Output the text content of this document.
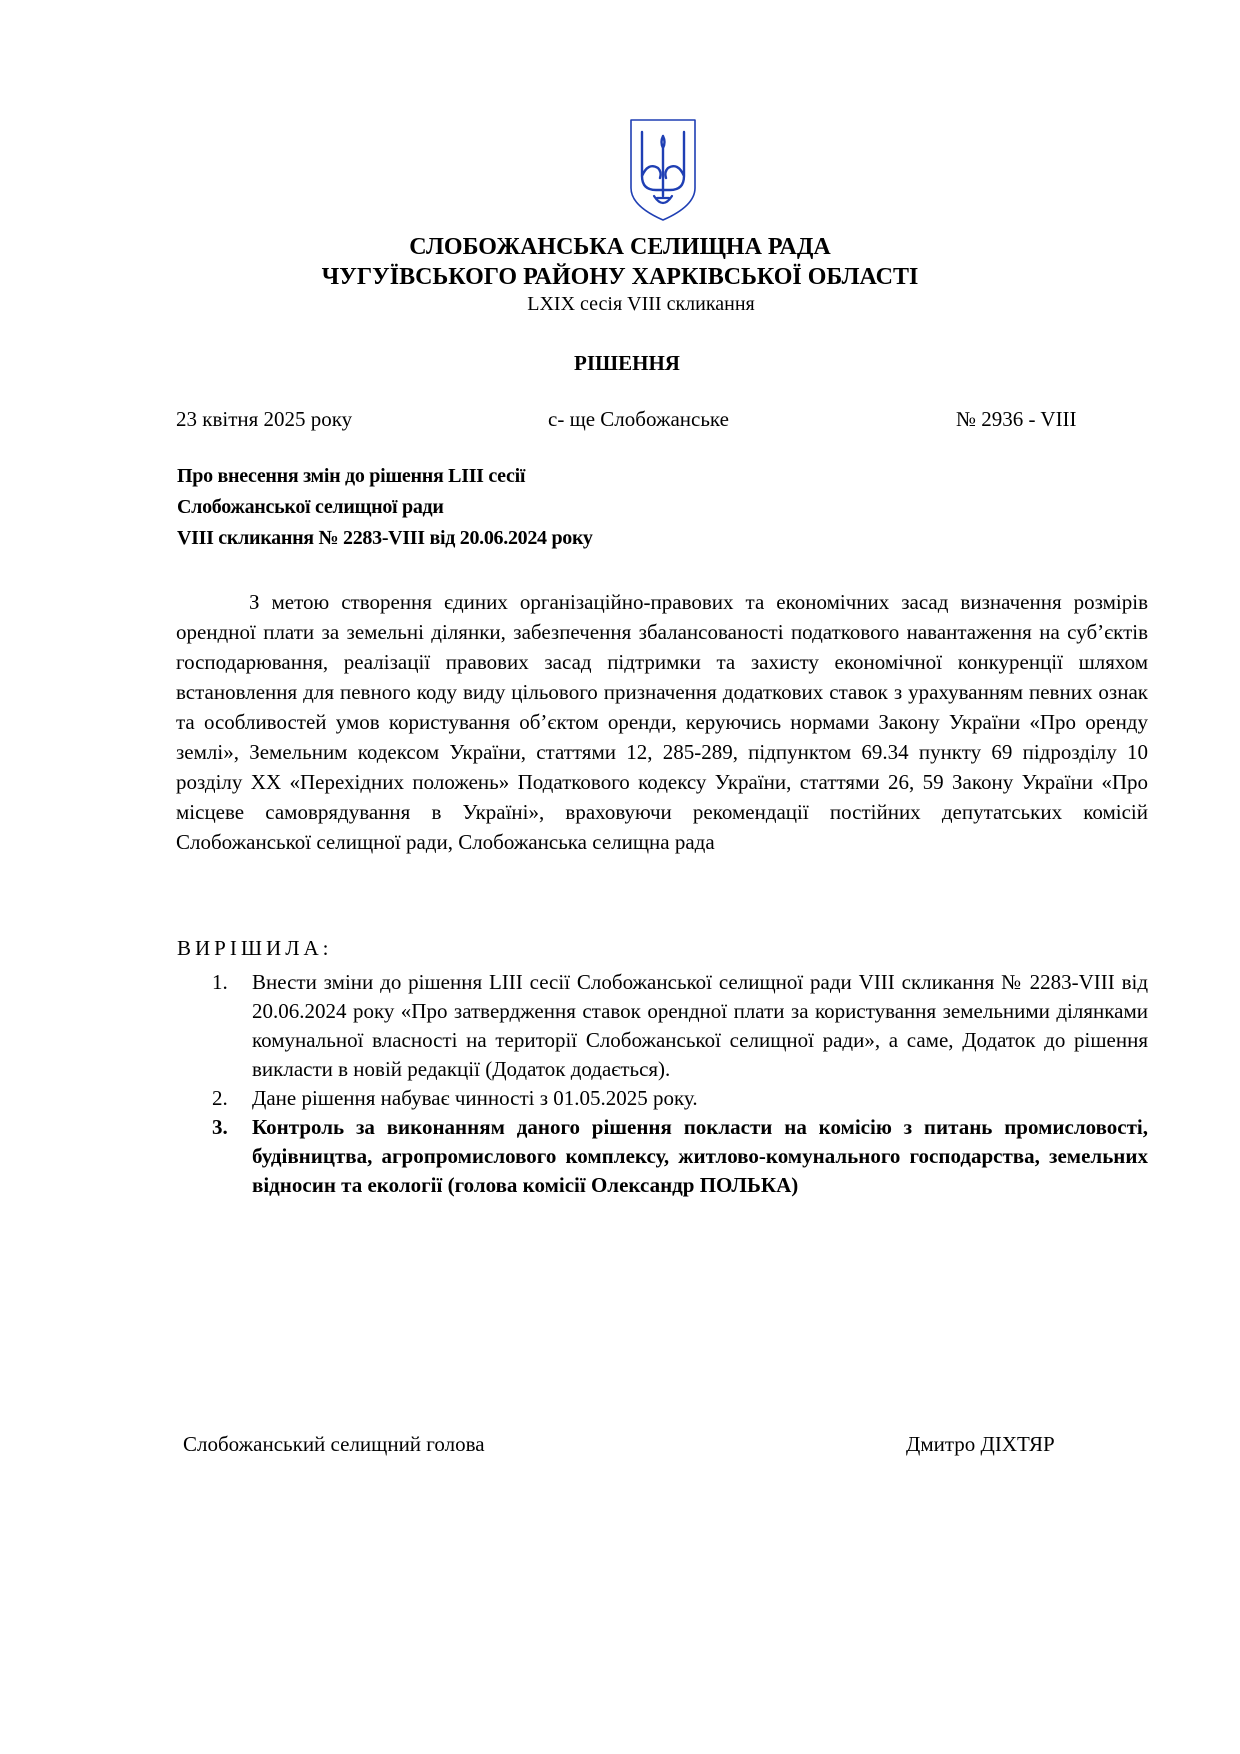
СЛОБОЖАНСЬКА СЕЛИЩНА РАДА
ЧУГУЇВСЬКОГО РАЙОНУ ХАРКІВСЬКОЇ ОБЛАСТІ
LXIX сесія VIII скликання
РІШЕННЯ
23 квітня 2025 року	с- ще Слобожанське	№ 2936 - VIII
Про внесення змін до рішення LIII сесії
Слобожанської селищної ради
VIII скликання № 2283-VIII від 20.06.2024 року

З метою створення єдиних організаційно-правових та економічних засад визначення розмірів орендної плати за земельні ділянки, забезпечення збалансованості податкового навантаження на суб’єктів господарювання, реалізації правових засад підтримки та захисту економічної конкуренції шляхом встановлення для певного коду виду цільового призначення додаткових ставок з урахуванням певних ознак та особливостей умов користування об’єктом оренди, керуючись нормами Закону України «Про оренду землі», Земельним кодексом України, статтями 12, 285-289, підпунктом 69.34 пункту 69 підрозділу 10 розділу ХХ «Перехідних положень» Податкового кодексу України, статтями 26, 59 Закону України «Про місцеве самоврядування в Україні», враховуючи рекомендації постійних депутатських комісій Слобожанської селищної ради, Слобожанська селищна рада

ВИРІШИЛА:
1. Внести зміни до рішення LIII сесії Слобожанської селищної ради VIII скликання № 2283-VIII від 20.06.2024 року «Про затвердження ставок орендної плати за користування земельними ділянками комунальної власності на території Слобожанської селищної ради», а саме, Додаток до рішення викласти в новій редакції (Додаток додається).
2. Дане рішення набуває чинності з 01.05.2025 року.
3. Контроль за виконанням даного рішення покласти на комісію з питань промисловості, будівництва, агропромислового комплексу, житлово-комунального господарства, земельних відносин та екології (голова комісії Олександр ПОЛЬКА)
Слобожанський селищний голова	Дмитро ДІХТЯР
